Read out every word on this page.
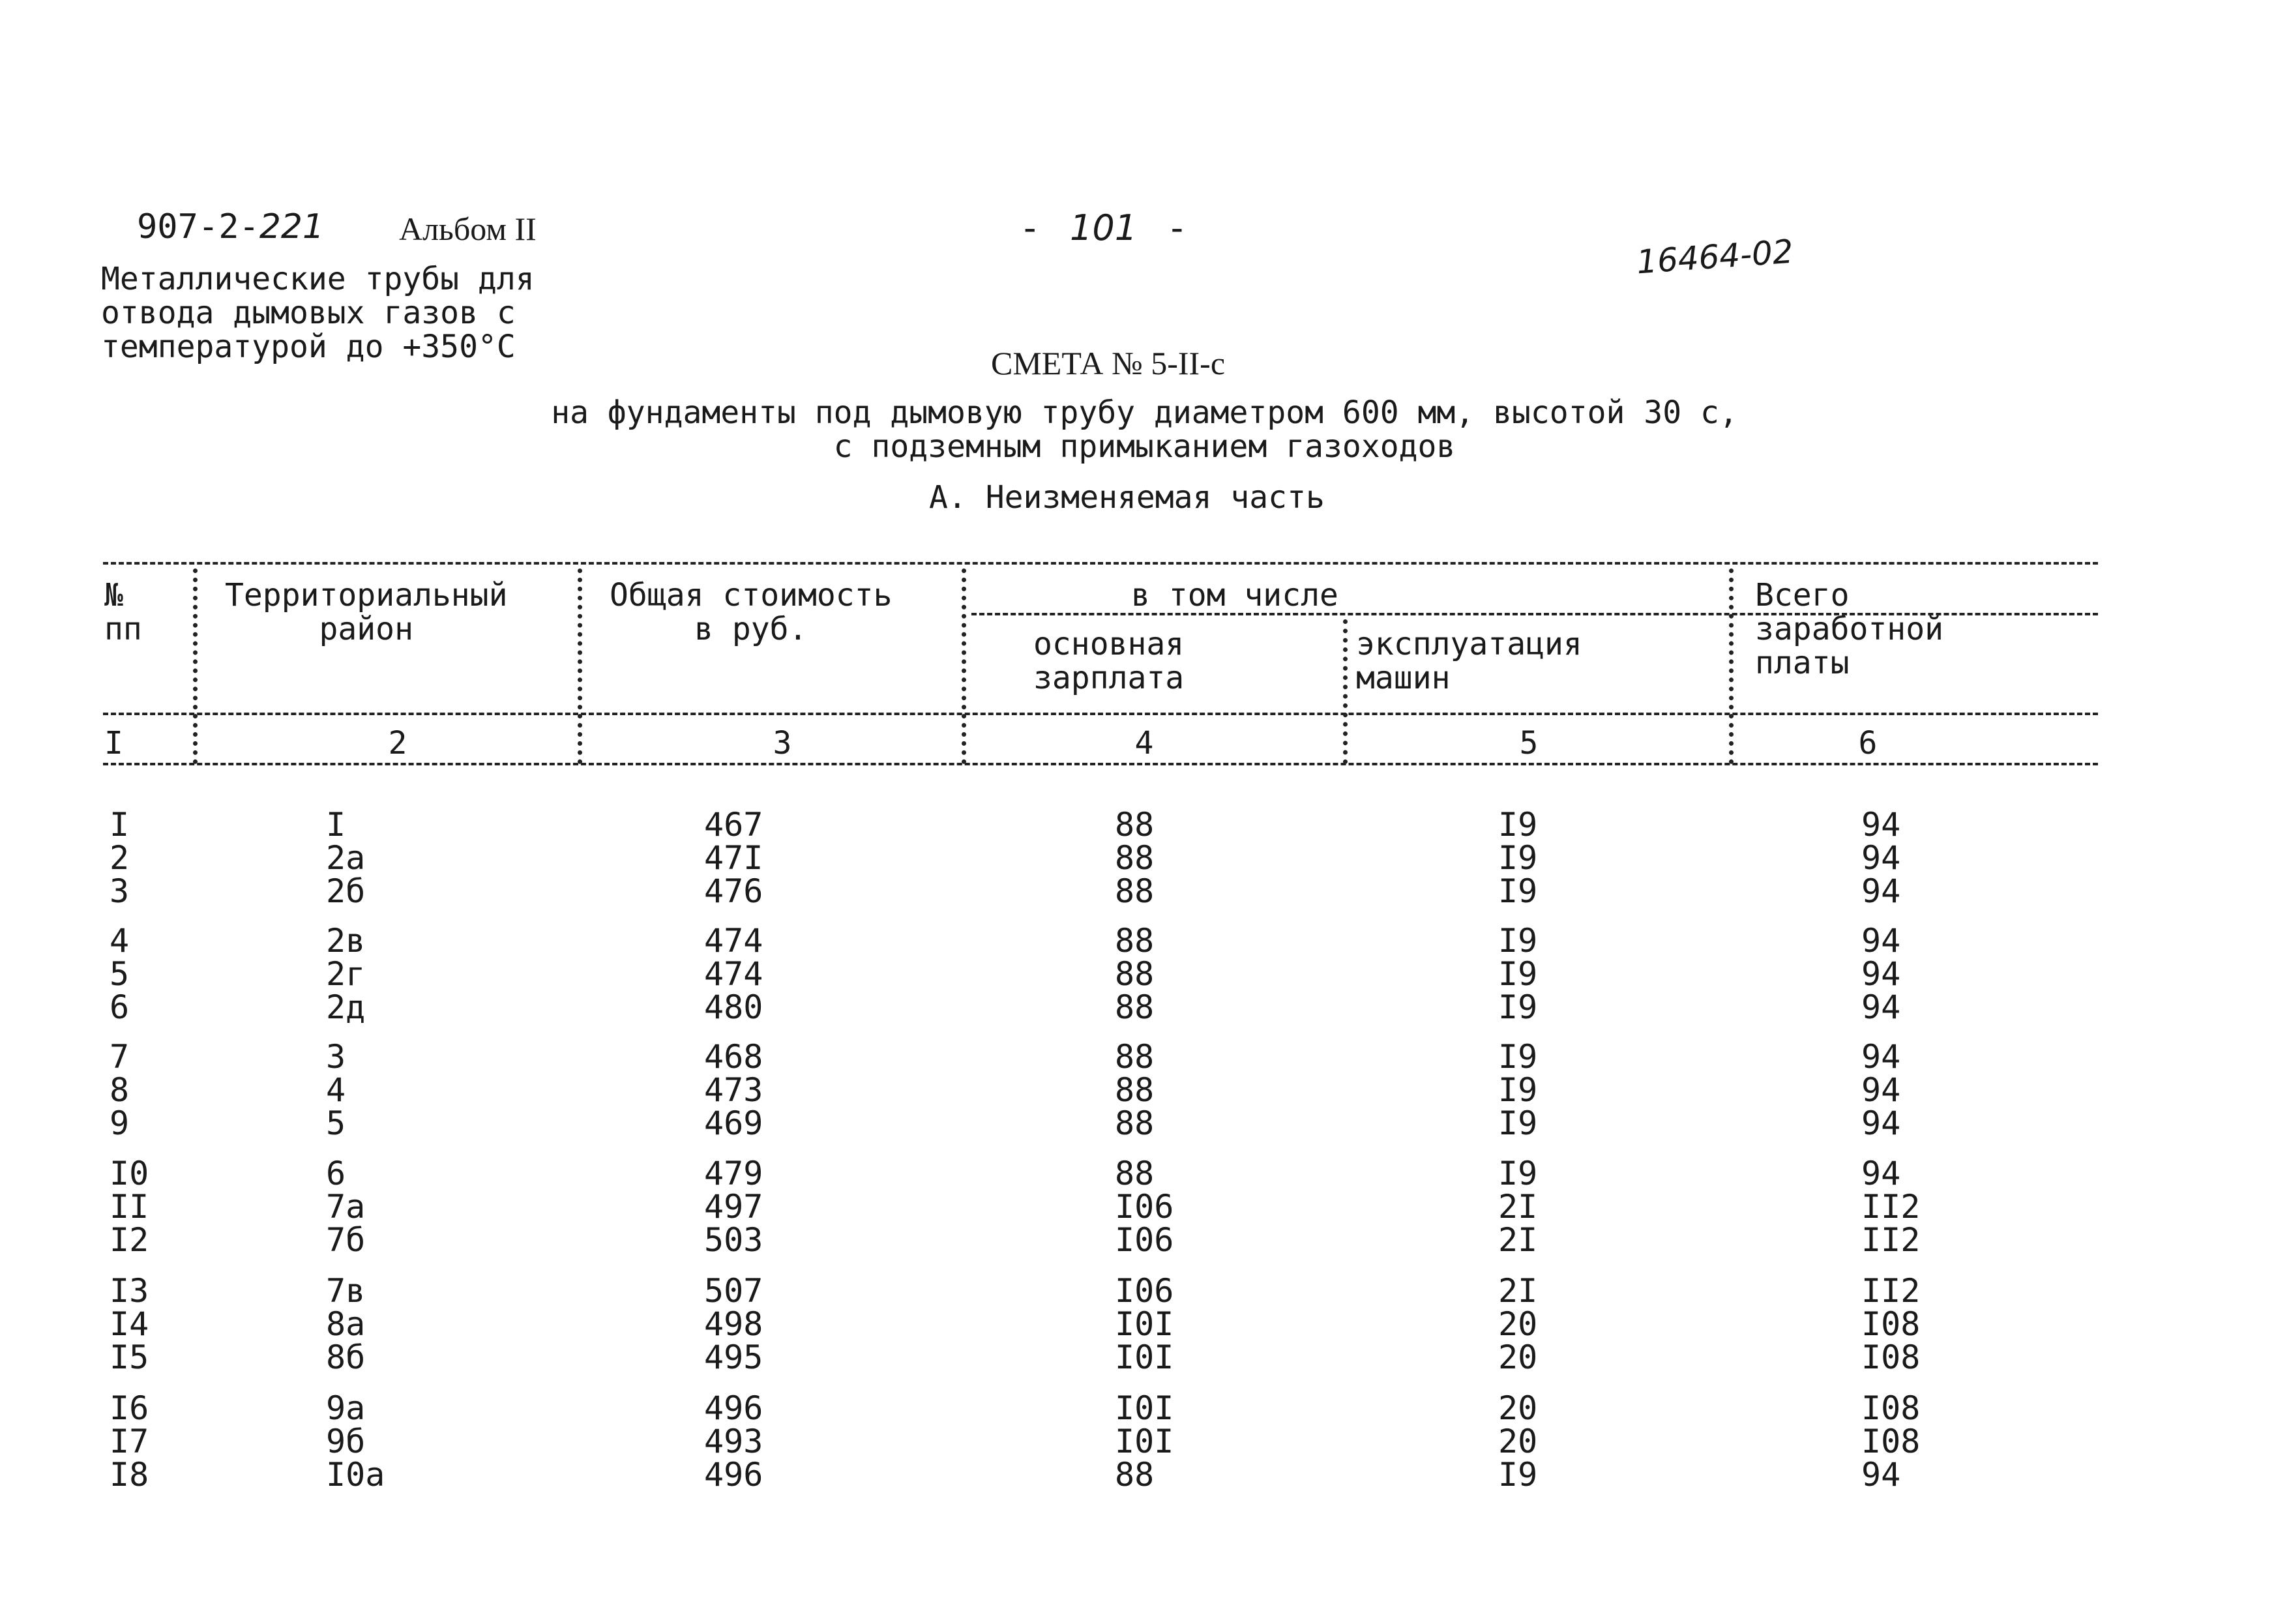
907-2-221 Альбом II
Металлические трубы для
отвода дымовых газов с
температурой до +350°С
- 101 -
16464-02
СМЕТА № 5-II-с
на фундаменты под дымовую трубу диаметром 600 мм, высотой 30 с,
с подземным примыканием газоходов
А. Неизменяемая часть
№
пп
Территориальный
район
Общая стоимость
в руб.
в том числе
основная
зарплата
эксплуатация
машин
Всего
заработной
платы
I	2	3	4	5	6
I	I	467	88	I9	94
2	2а	47I	88	I9	94
3	2б	476	88	I9	94
4	2в	474	88	I9	94
5	2г	474	88	I9	94
6	2д	480	88	I9	94
7	3	468	88	I9	94
8	4	473	88	I9	94
9	5	469	88	I9	94
I0	6	479	88	I9	94
II	7а	497	I06	2I	II2
I2	7б	503	I06	2I	II2
I3	7в	507	I06	2I	II2
I4	8а	498	I0I	20	I08
I5	8б	495	I0I	20	I08
I6	9а	496	I0I	20	I08
I7	9б	493	I0I	20	I08
I8	I0а	496	88	I9	94
